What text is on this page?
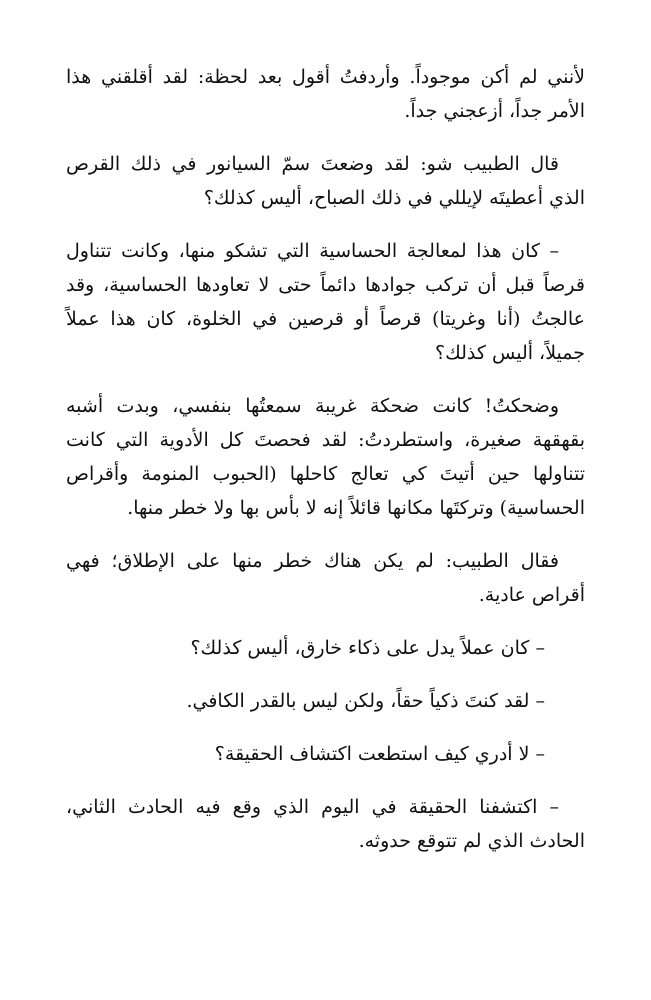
لأنني لم أكن موجوداً. وأردفتُ أقول بعد لحظة: لقد أقلقني هذا الأمر جداً، أزعجني جداً.

قال الطبيب شو: لقد وضعتَ سمّ السيانور في ذلك القرص الذي أعطيتَه لإيللي في ذلك الصباح، أليس كذلك؟

– كان هذا لمعالجة الحساسية التي تشكو منها، وكانت تتناول قرصاً قبل أن تركب جوادها دائماً حتى لا تعاودها الحساسية، وقد عالجتُ (أنا وغريتا) قرصاً أو قرصين في الخلوة، كان هذا عملاً جميلاً، أليس كذلك؟

وضحكتُ! كانت ضحكة غريبة سمعتُها بنفسي، وبدت أشبه بقهقهة صغيرة، واستطردتُ: لقد فحصتَ كل الأدوية التي كانت تتناولها حين أتيتَ كي تعالج كاحلها (الحبوب المنومة وأقراص الحساسية) وتركتَها مكانها قائلاً إنه لا بأس بها ولا خطر منها.

فقال الطبيب: لم يكن هناك خطر منها على الإطلاق؛ فهي أقراص عادية.

– كان عملاً يدل على ذكاء خارق، أليس كذلك؟

– لقد كنتَ ذكياً حقاً، ولكن ليس بالقدر الكافي.

– لا أدري كيف استطعت اكتشاف الحقيقة؟

– اكتشفنا الحقيقة في اليوم الذي وقع فيه الحادث الثاني، الحادث الذي لم تتوقع حدوثه.
